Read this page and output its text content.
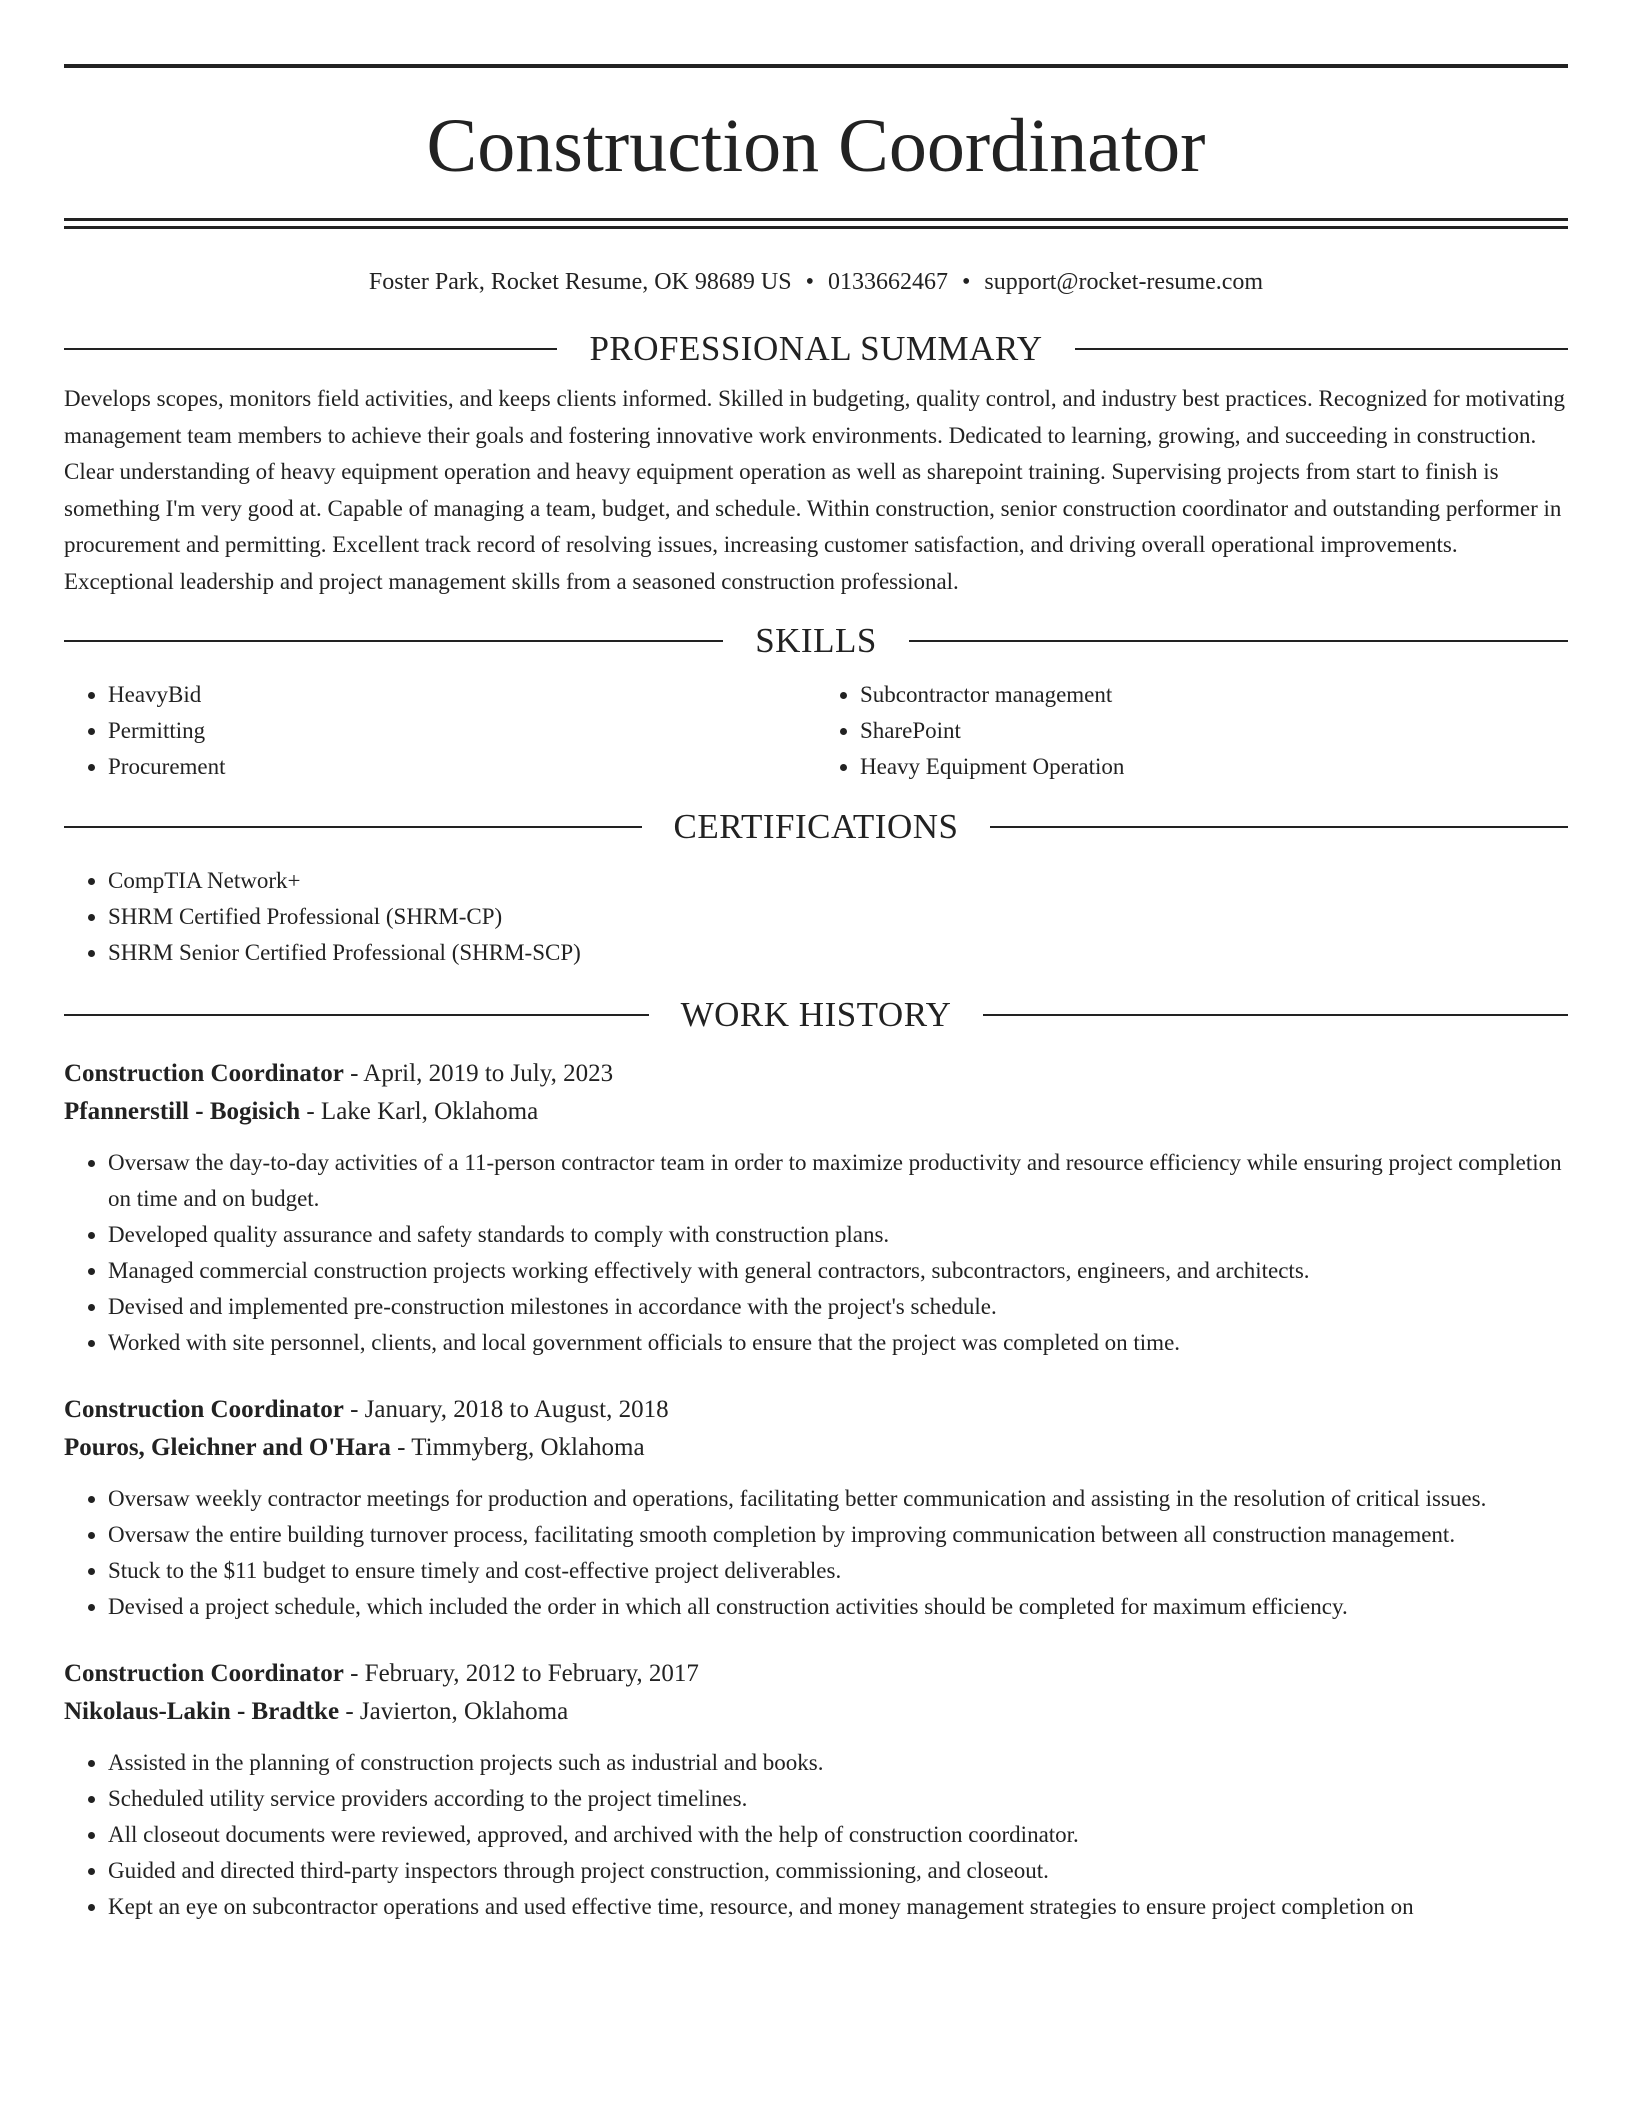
Construction Coordinator
Foster Park, Rocket Resume, OK 98689 US • 0133662467 • support@rocket-resume.com
PROFESSIONAL SUMMARY

Develops scopes, monitors field activities, and keeps clients informed. Skilled in budgeting, quality control, and industry best practices. Recognized for motivating management team members to achieve their goals and fostering innovative work environments. Dedicated to learning, growing, and succeeding in construction. Clear understanding of heavy equipment operation and heavy equipment operation as well as sharepoint training. Supervising projects from start to finish is something I'm very good at. Capable of managing a team, budget, and schedule. Within construction, senior construction coordinator and outstanding performer in procurement and permitting. Excellent track record of resolving issues, increasing customer satisfaction, and driving overall operational improvements. Exceptional leadership and project management skills from a seasoned construction professional.

SKILLS
• HeavyBid
• Permitting
• Procurement
• Subcontractor management
• SharePoint
• Heavy Equipment Operation
CERTIFICATIONS
• CompTIA Network+
• SHRM Certified Professional (SHRM-CP)
• SHRM Senior Certified Professional (SHRM-SCP)
WORK HISTORY
Construction Coordinator - April, 2019 to July, 2023
Pfannerstill - Bogisich - Lake Karl, Oklahoma
• Oversaw the day-to-day activities of a 11-person contractor team in order to maximize productivity and resource efficiency while ensuring project completion on time and on budget.
• Developed quality assurance and safety standards to comply with construction plans.
• Managed commercial construction projects working effectively with general contractors, subcontractors, engineers, and architects.
• Devised and implemented pre-construction milestones in accordance with the project's schedule.
• Worked with site personnel, clients, and local government officials to ensure that the project was completed on time.
Construction Coordinator - January, 2018 to August, 2018
Pouros, Gleichner and O'Hara - Timmyberg, Oklahoma
• Oversaw weekly contractor meetings for production and operations, facilitating better communication and assisting in the resolution of critical issues.
• Oversaw the entire building turnover process, facilitating smooth completion by improving communication between all construction management.
• Stuck to the $11 budget to ensure timely and cost-effective project deliverables.
• Devised a project schedule, which included the order in which all construction activities should be completed for maximum efficiency.
Construction Coordinator - February, 2012 to February, 2017
Nikolaus-Lakin - Bradtke - Javierton, Oklahoma
• Assisted in the planning of construction projects such as industrial and books.
• Scheduled utility service providers according to the project timelines.
• All closeout documents were reviewed, approved, and archived with the help of construction coordinator.
• Guided and directed third-party inspectors through project construction, commissioning, and closeout.
• Kept an eye on subcontractor operations and used effective time, resource, and money management strategies to ensure project completion on
